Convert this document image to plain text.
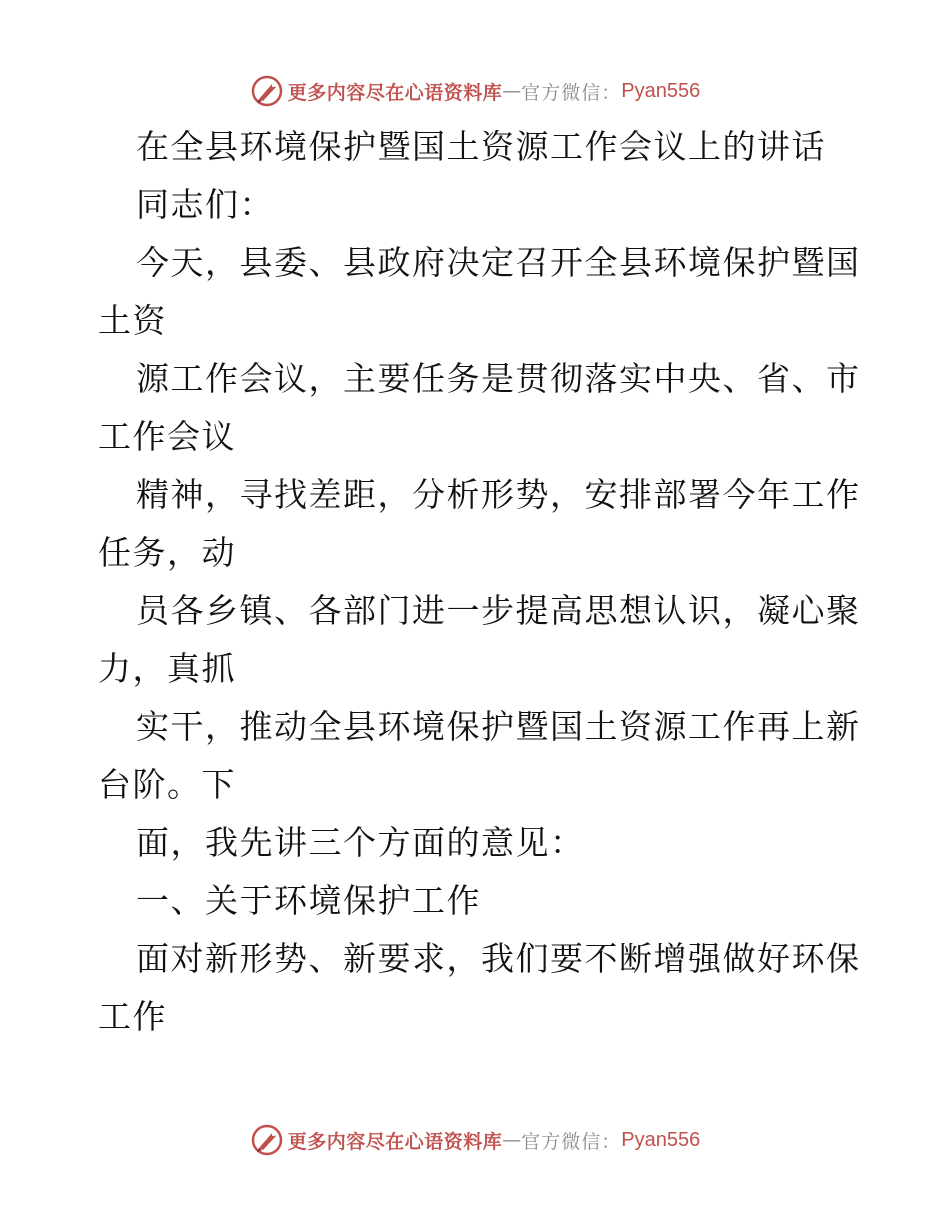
更多内容尽在心语资料库 — 官方微信： Pyan556
在全县环境保护暨国土资源工作会议上的讲话
同志们：
今天，县委、县政府决定召开全县环境保护暨国
土资
源工作会议，主要任务是贯彻落实中央、省、市
工作会议
精神，寻找差距，分析形势，安排部署今年工作
任务，动
员各乡镇、各部门进一步提高思想认识，凝心聚
力，真抓
实干，推动全县环境保护暨国土资源工作再上新
台阶。下
面，我先讲三个方面的意见：
一、关于环境保护工作
面对新形势、新要求，我们要不断增强做好环保
工作
更多内容尽在心语资料库 — 官方微信： Pyan556
